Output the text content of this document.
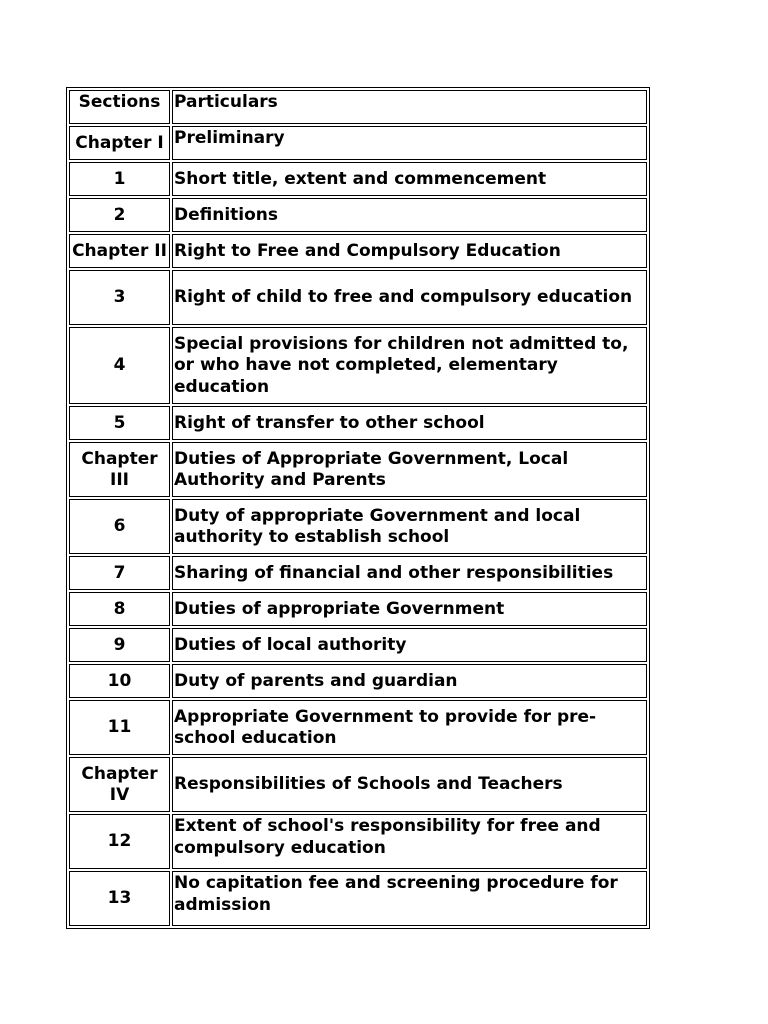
Sections	Particulars
Chapter I	Preliminary
1	Short title, extent and commencement
2	Definitions
Chapter II	Right to Free and Compulsory Education
3	Right of child to free and compulsory education
4	Special provisions for children not admitted to, or who have not completed, elementary education
5	Right of transfer to other school
Chapter III	Duties of Appropriate Government, Local Authority and Parents
6	Duty of appropriate Government and local authority to establish school
7	Sharing of financial and other responsibilities
8	Duties of appropriate Government
9	Duties of local authority
10	Duty of parents and guardian
11	Appropriate Government to provide for pre-school education
Chapter IV	Responsibilities of Schools and Teachers
12	Extent of school's responsibility for free and compulsory education
13	No capitation fee and screening procedure for admission
